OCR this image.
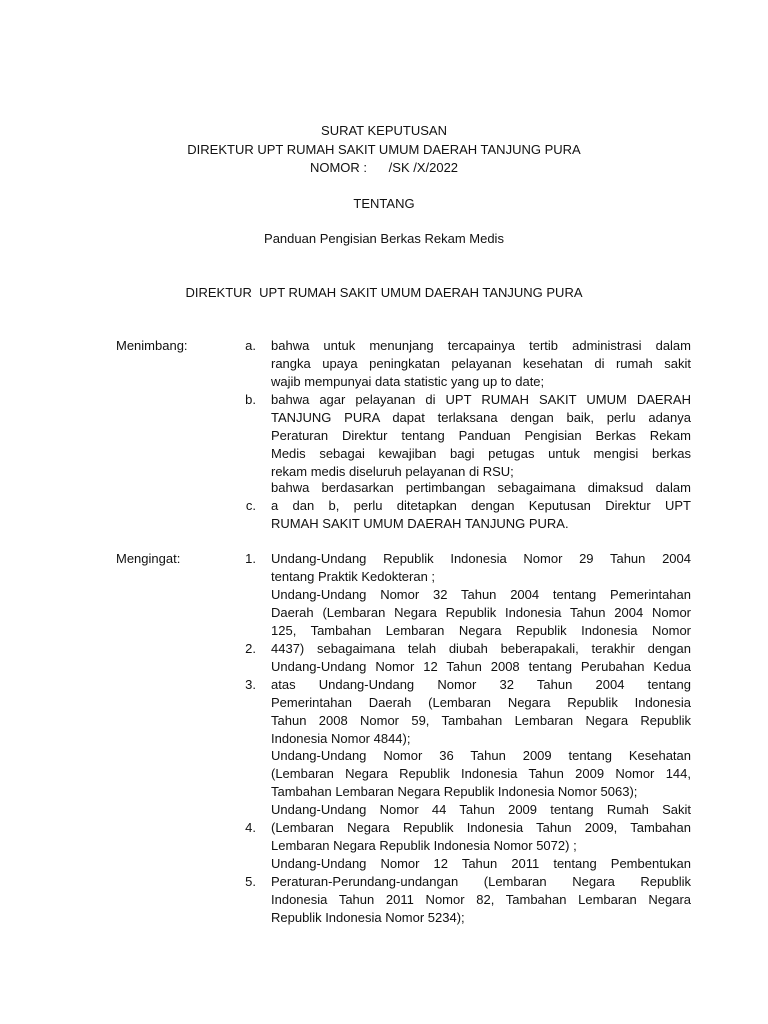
SURAT KEPUTUSAN
DIREKTUR UPT RUMAH SAKIT UMUM DAERAH TANJUNG PURA
NOMOR :      /SK /X/2022
TENTANG
Panduan Pengisian Berkas Rekam Medis
DIREKTUR  UPT RUMAH SAKIT UMUM DAERAH TANJUNG PURA
Menimbang:	a.
b.
c.
bahwa untuk menunjang tercapainya tertib administrasi dalam
rangka upaya peningkatan pelayanan kesehatan di rumah sakit
wajib mempunyai data statistic yang up to date;
bahwa agar pelayanan di UPT RUMAH SAKIT UMUM DAERAH
TANJUNG PURA dapat terlaksana dengan baik, perlu adanya
Peraturan Direktur tentang Panduan Pengisian Berkas Rekam
Medis sebagai kewajiban bagi petugas untuk mengisi berkas
rekam medis diseluruh pelayanan di RSU;
bahwa berdasarkan pertimbangan sebagaimana dimaksud dalam
a dan b, perlu ditetapkan dengan Keputusan Direktur UPT
RUMAH SAKIT UMUM DAERAH TANJUNG PURA.
Mengingat:	1.
2.
3.
4.
5.
Undang-Undang Republik Indonesia Nomor 29 Tahun 2004
tentang Praktik Kedokteran ;
Undang-Undang Nomor 32 Tahun 2004 tentang Pemerintahan
Daerah (Lembaran Negara Republik Indonesia Tahun 2004 Nomor
125, Tambahan Lembaran Negara Republik Indonesia Nomor
4437) sebagaimana telah diubah beberapakali, terakhir dengan
Undang-Undang Nomor 12 Tahun 2008 tentang Perubahan Kedua
atas Undang-Undang Nomor 32 Tahun 2004 tentang
Pemerintahan Daerah (Lembaran Negara Republik Indonesia
Tahun 2008 Nomor 59, Tambahan Lembaran Negara Republik
Indonesia Nomor 4844);
Undang-Undang Nomor 36 Tahun 2009 tentang Kesehatan
(Lembaran Negara Republik Indonesia Tahun 2009 Nomor 144,
Tambahan Lembaran Negara Republik Indonesia Nomor 5063);
Undang-Undang Nomor 44 Tahun 2009 tentang Rumah Sakit
(Lembaran Negara Republik Indonesia Tahun 2009, Tambahan
Lembaran Negara Republik Indonesia Nomor 5072) ;
Undang-Undang Nomor 12 Tahun 2011 tentang Pembentukan
Peraturan-Perundang-undangan (Lembaran Negara Republik
Indonesia Tahun 2011 Nomor 82, Tambahan Lembaran Negara
Republik Indonesia Nomor 5234);
